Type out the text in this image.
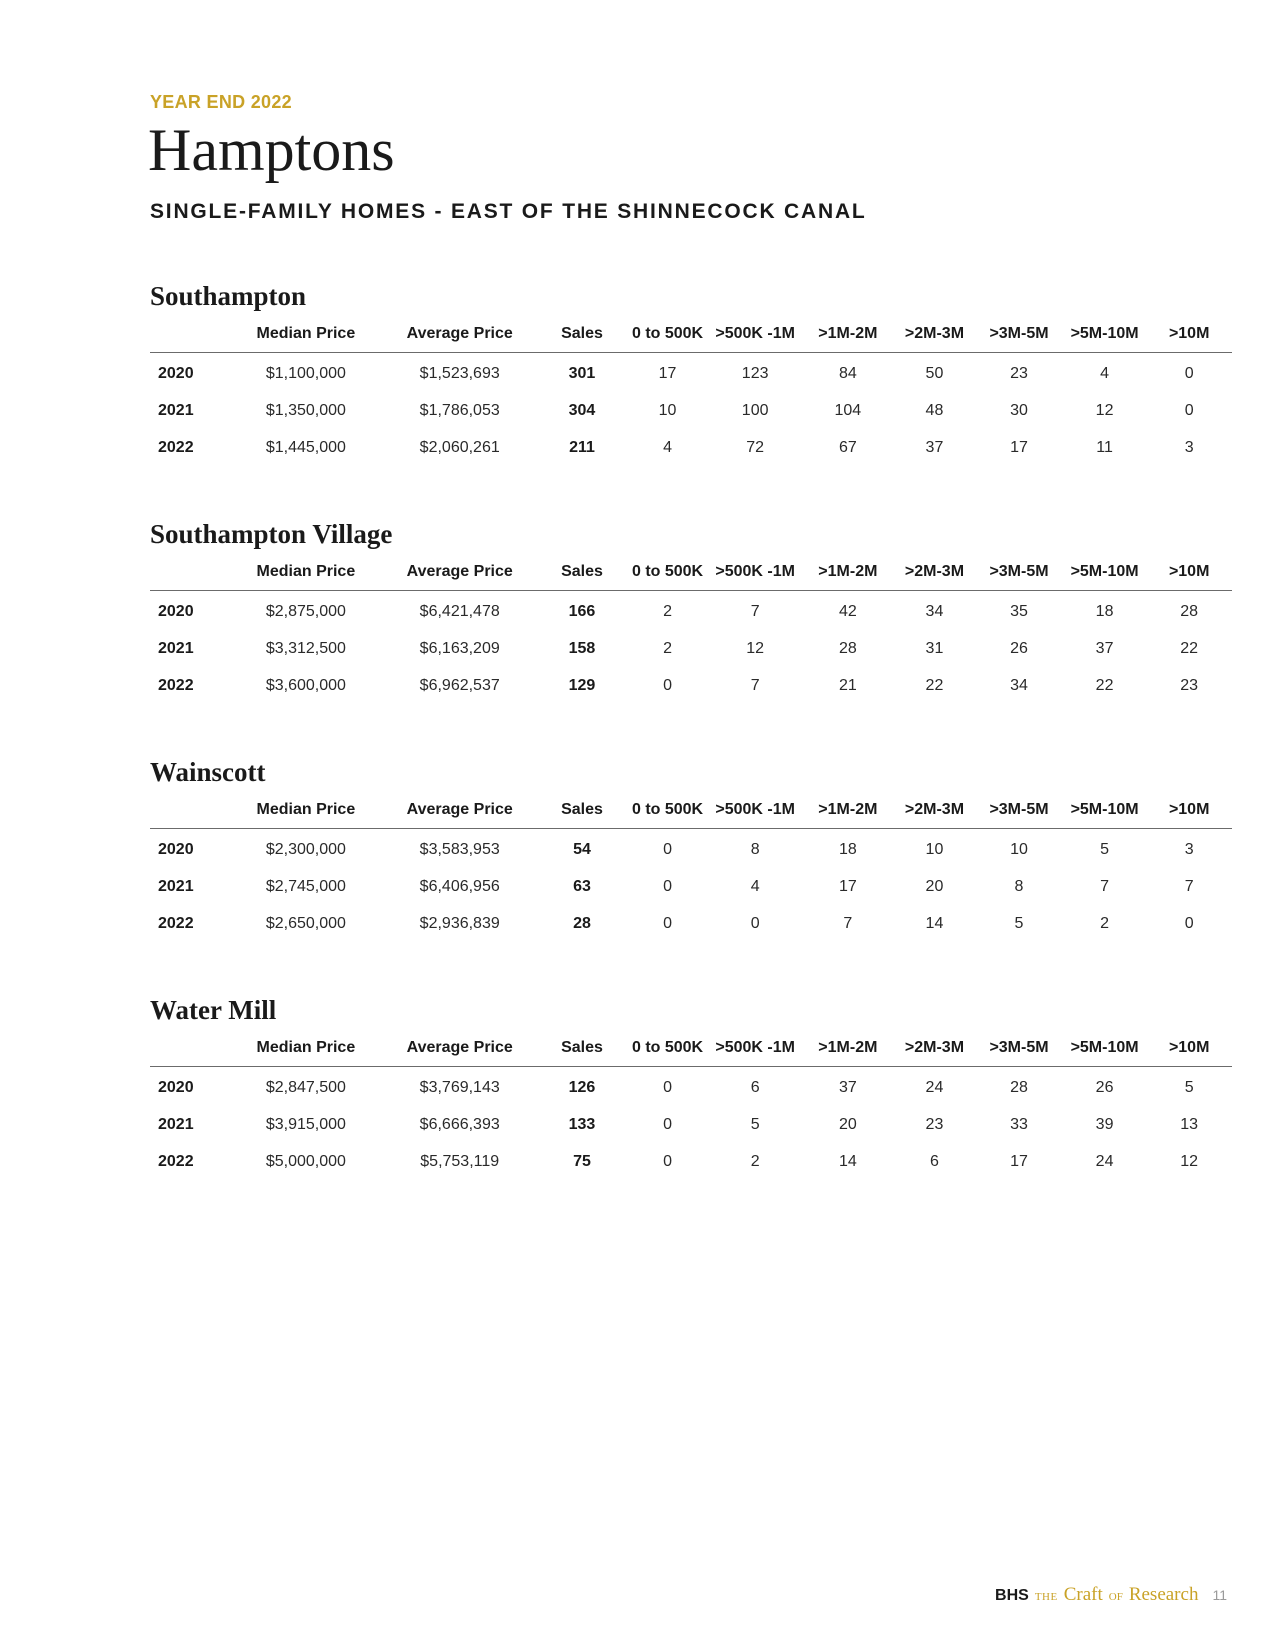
YEAR END 2022
Hamptons
SINGLE-FAMILY HOMES - EAST OF THE SHINNECOCK CANAL
Southampton
	Median Price	Average Price	Sales	0 to 500K	>500K -1M	>1M-2M	>2M-3M	>3M-5M	>5M-10M	>10M
2020	$1,100,000	$1,523,693	301	17	123	84	50	23	4	0
2021	$1,350,000	$1,786,053	304	10	100	104	48	30	12	0
2022	$1,445,000	$2,060,261	211	4	72	67	37	17	11	3
Southampton Village
	Median Price	Average Price	Sales	0 to 500K	>500K -1M	>1M-2M	>2M-3M	>3M-5M	>5M-10M	>10M
2020	$2,875,000	$6,421,478	166	2	7	42	34	35	18	28
2021	$3,312,500	$6,163,209	158	2	12	28	31	26	37	22
2022	$3,600,000	$6,962,537	129	0	7	21	22	34	22	23
Wainscott
	Median Price	Average Price	Sales	0 to 500K	>500K -1M	>1M-2M	>2M-3M	>3M-5M	>5M-10M	>10M
2020	$2,300,000	$3,583,953	54	0	8	18	10	10	5	3
2021	$2,745,000	$6,406,956	63	0	4	17	20	8	7	7
2022	$2,650,000	$2,936,839	28	0	0	7	14	5	2	0
Water Mill
	Median Price	Average Price	Sales	0 to 500K	>500K -1M	>1M-2M	>2M-3M	>3M-5M	>5M-10M	>10M
2020	$2,847,500	$3,769,143	126	0	6	37	24	28	26	5
2021	$3,915,000	$6,666,393	133	0	5	20	23	33	39	13
2022	$5,000,000	$5,753,119	75	0	2	14	6	17	24	12
BHS THE Craft OF Research 11
